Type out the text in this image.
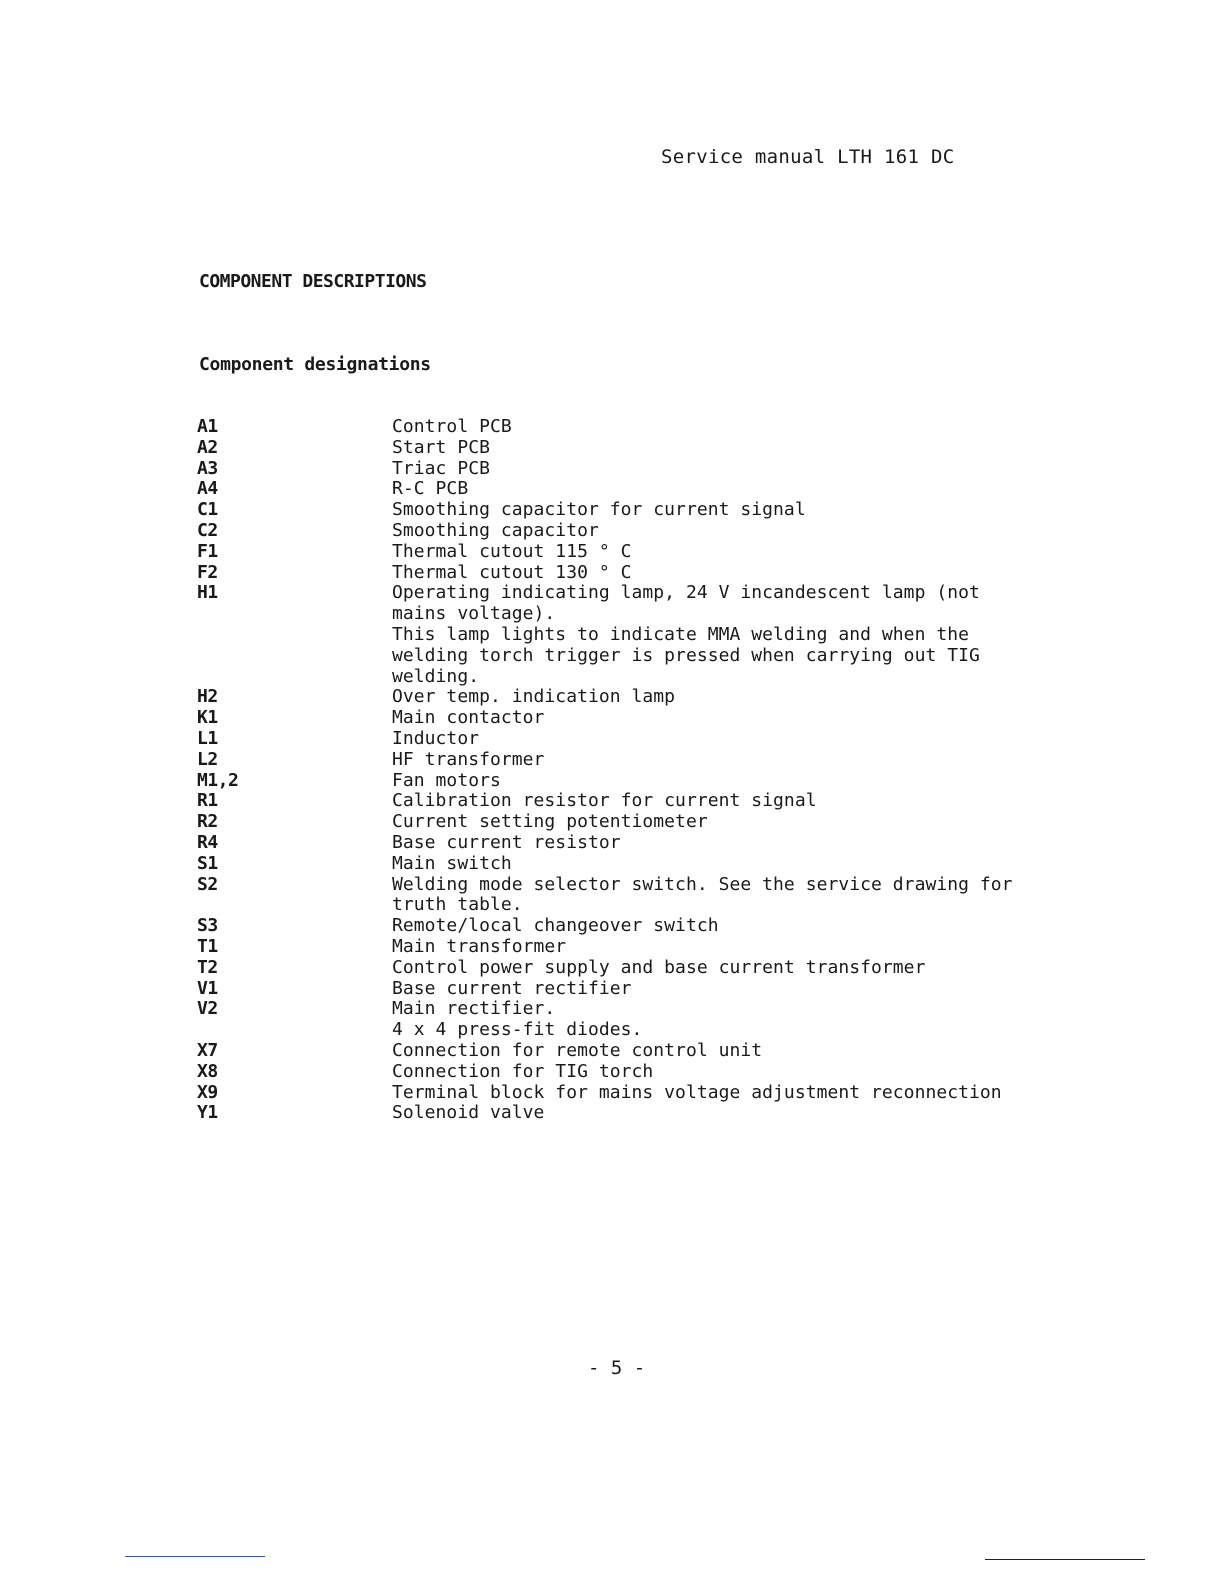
Service manual LTH 161 DC
COMPONENT DESCRIPTIONS
Component designations
A1	Control PCB
A2	Start PCB
A3	Triac PCB
A4	R-C PCB
C1	Smoothing capacitor for current signal
C2	Smoothing capacitor
F1	Thermal cutout 115 ° C
F2	Thermal cutout 130 ° C
H1	Operating indicating lamp, 24 V incandescent lamp (not
mains voltage).
This lamp lights to indicate MMA welding and when the
welding torch trigger is pressed when carrying out TIG
welding.
H2	Over temp. indication lamp
K1	Main contactor
L1	Inductor
L2	HF transformer
M1,2	Fan motors
R1	Calibration resistor for current signal
R2	Current setting potentiometer
R4	Base current resistor
S1	Main switch
S2	Welding mode selector switch. See the service drawing for
truth table.
S3	Remote/local changeover switch
T1	Main transformer
T2	Control power supply and base current transformer
V1	Base current rectifier
V2	Main rectifier.
4 x 4 press-fit diodes.
X7	Connection for remote control unit
X8	Connection for TIG torch
X9	Terminal block for mains voltage adjustment reconnection
Y1	Solenoid valve
- 5 -
